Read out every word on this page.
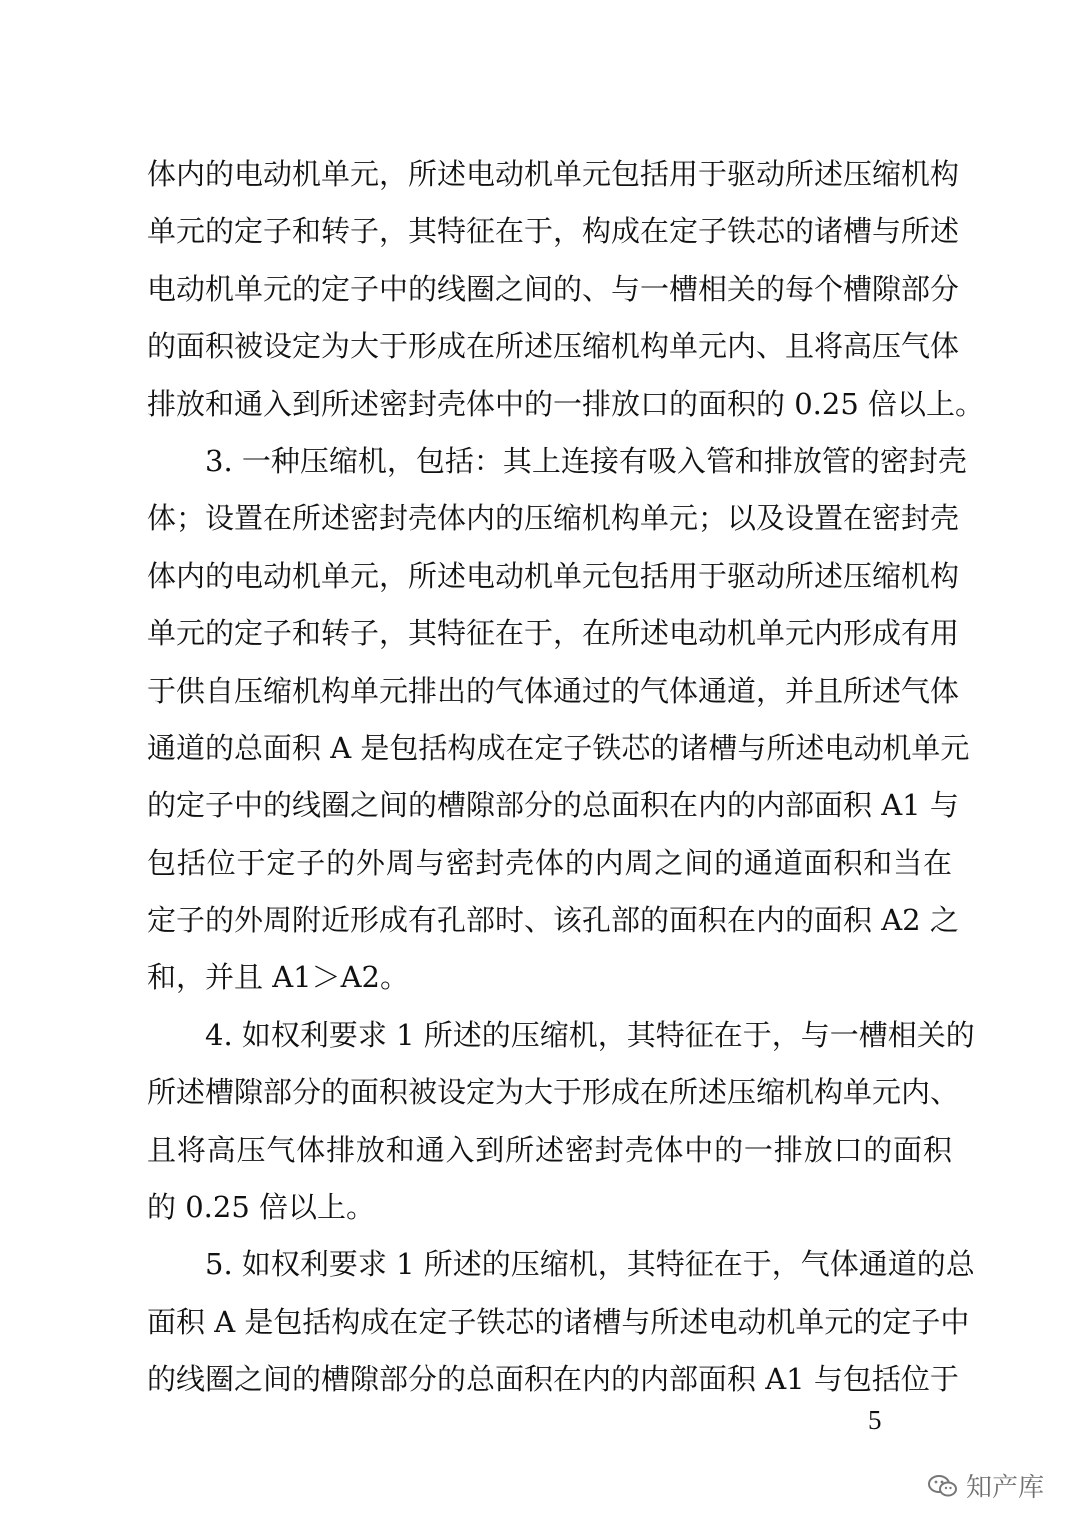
体内的电动机单元，所述电动机单元包括用于驱动所述压缩机构
单元的定子和转子，其特征在于，构成在定子铁芯的诸槽与所述
电动机单元的定子中的线圈之间的、与一槽相关的每个槽隙部分
的面积被设定为大于形成在所述压缩机构单元内、且将高压气体
排放和通入到所述密封壳体中的一排放口的面积的 0.25 倍以上。
3. 一种压缩机，包括：其上连接有吸入管和排放管的密封壳
体；设置在所述密封壳体内的压缩机构单元；以及设置在密封壳
体内的电动机单元，所述电动机单元包括用于驱动所述压缩机构
单元的定子和转子，其特征在于，在所述电动机单元内形成有用
于供自压缩机构单元排出的气体通过的气体通道，并且所述气体
通道的总面积 A 是包括构成在定子铁芯的诸槽与所述电动机单元
的定子中的线圈之间的槽隙部分的总面积在内的内部面积 A1 与
包括位于定子的外周与密封壳体的内周之间的通道面积和当在
定子的外周附近形成有孔部时、该孔部的面积在内的面积 A2 之
和，并且 A1＞A2。
4. 如权利要求 1 所述的压缩机，其特征在于，与一槽相关的
所述槽隙部分的面积被设定为大于形成在所述压缩机构单元内、
且将高压气体排放和通入到所述密封壳体中的一排放口的面积
的 0.25 倍以上。
5. 如权利要求 1 所述的压缩机，其特征在于，气体通道的总
面积 A 是包括构成在定子铁芯的诸槽与所述电动机单元的定子中
的线圈之间的槽隙部分的总面积在内的内部面积 A1 与包括位于
5
知产库
